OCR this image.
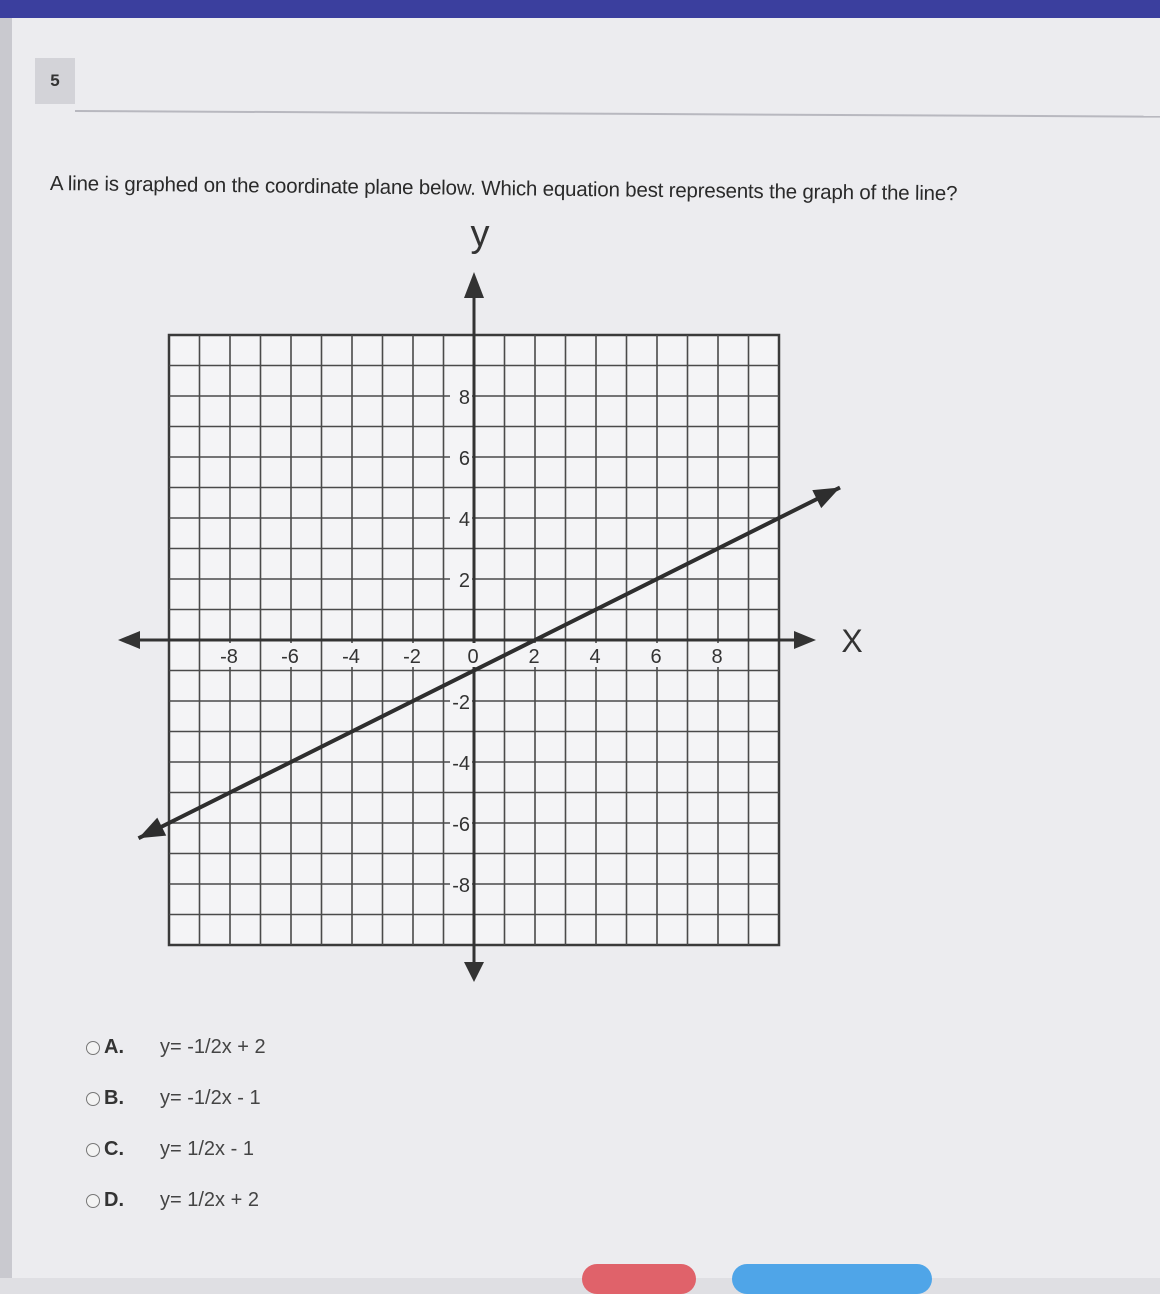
5
A line is graphed on the coordinate plane below. Which equation best represents the graph of the line?
X
y
-8 -6 -4 -2 0 2 4 6 8
8
6
4
2
-2
-4
-6
-8
A.	y= -1/2x + 2
B.	y= -1/2x - 1
C.	y= 1/2x - 1
D.	y= 1/2x + 2
